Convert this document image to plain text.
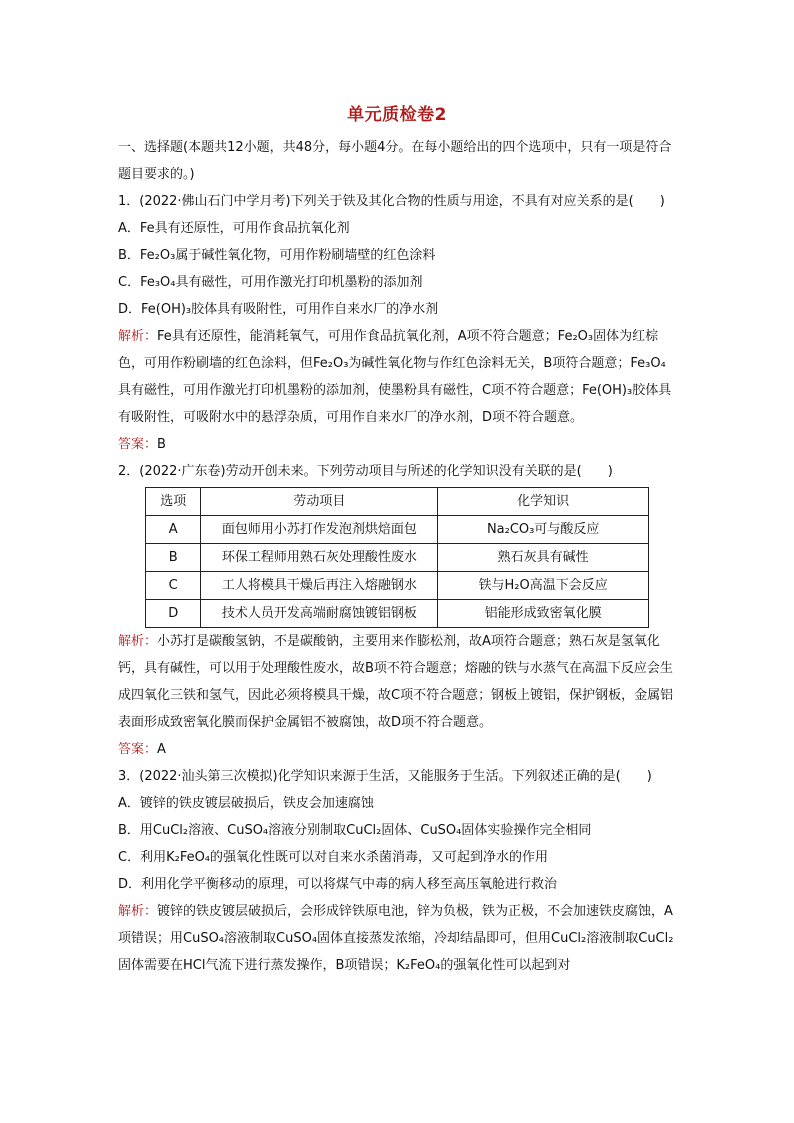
单元质检卷2

一、选择题(本题共12小题，共48分，每小题4分。在每小题给出的四个选项中，只有一项是符合题目要求的。)

1．(2022·佛山石门中学月考)下列关于铁及其化合物的性质与用途，不具有对应关系的是(　　)

A．Fe具有还原性，可用作食品抗氧化剂

B．Fe₂O₃属于碱性氧化物，可用作粉刷墙壁的红色涂料

C．Fe₃O₄具有磁性，可用作激光打印机墨粉的添加剂

D．Fe(OH)₃胶体具有吸附性，可用作自来水厂的净水剂

解析：Fe具有还原性，能消耗氧气，可用作食品抗氧化剂，A项不符合题意；Fe₂O₃固体为红棕色，可用作粉刷墙的红色涂料，但Fe₂O₃为碱性氧化物与作红色涂料无关，B项符合题意；Fe₃O₄具有磁性，可用作激光打印机墨粉的添加剂，使墨粉具有磁性，C项不符合题意；Fe(OH)₃胶体具有吸附性，可吸附水中的悬浮杂质，可用作自来水厂的净水剂，D项不符合题意。

答案：B

2．(2022·广东卷)劳动开创未来。下列劳动项目与所述的化学知识没有关联的是(　　)

选项	劳动项目	化学知识
A	面包师用小苏打作发泡剂烘焙面包	Na₂CO₃可与酸反应
B	环保工程师用熟石灰处理酸性废水	熟石灰具有碱性
C	工人将模具干燥后再注入熔融钢水	铁与H₂O高温下会反应
D	技术人员开发高端耐腐蚀镀铝钢板	铝能形成致密氧化膜

解析：小苏打是碳酸氢钠，不是碳酸钠，主要用来作膨松剂，故A项符合题意；熟石灰是氢氧化钙，具有碱性，可以用于处理酸性废水，故B项不符合题意；熔融的铁与水蒸气在高温下反应会生成四氧化三铁和氢气，因此必须将模具干燥，故C项不符合题意；钢板上镀铝，保护钢板，金属铝表面形成致密氧化膜而保护金属铝不被腐蚀，故D项不符合题意。

答案：A

3．(2022·汕头第三次模拟)化学知识来源于生活，又能服务于生活。下列叙述正确的是(　　)

A．镀锌的铁皮镀层破损后，铁皮会加速腐蚀

B．用CuCl₂溶液、CuSO₄溶液分别制取CuCl₂固体、CuSO₄固体实验操作完全相同

C．利用K₂FeO₄的强氧化性既可以对自来水杀菌消毒，又可起到净水的作用

D．利用化学平衡移动的原理，可以将煤气中毒的病人移至高压氧舱进行救治

解析：镀锌的铁皮镀层破损后，会形成锌铁原电池，锌为负极，铁为正极，不会加速铁皮腐蚀，A项错误；用CuSO₄溶液制取CuSO₄固体直接蒸发浓缩，冷却结晶即可，但用CuCl₂溶液制取CuCl₂固体需要在HCl气流下进行蒸发操作，B项错误；K₂FeO₄的强氧化性可以起到对
